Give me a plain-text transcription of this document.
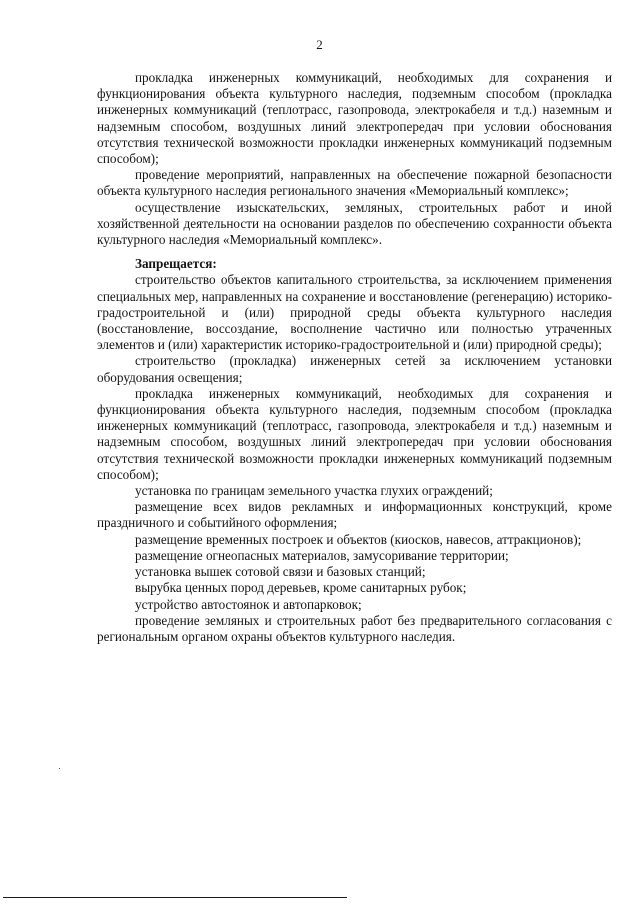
2

прокладка инженерных коммуникаций, необходимых для сохранения и функционирования объекта культурного наследия, подземным способом (прокладка инженерных коммуникаций (теплотрасс, газопровода, электрокабеля и т.д.) наземным и надземным способом, воздушных линий электропередач при условии обоснования отсутствия технической возможности прокладки инженерных коммуникаций подземным способом);

проведение мероприятий, направленных на обеспечение пожарной безопасности объекта культурного наследия регионального значения «Мемориальный комплекс»;

осуществление изыскательских, земляных, строительных работ и иной хозяйственной деятельности на основании разделов по обеспечению сохранности объекта культурного наследия «Мемориальный комплекс».

Запрещается:

строительство объектов капитального строительства, за исключением применения специальных мер, направленных на сохранение и восстановление (регенерацию) историко-градостроительной и (или) природной среды объекта культурного наследия (восстановление, воссоздание, восполнение частично или полностью утраченных элементов и (или) характеристик историко-градостроительной и (или) природной среды);

строительство (прокладка) инженерных сетей за исключением установки оборудования освещения;

прокладка инженерных коммуникаций, необходимых для сохранения и функционирования объекта культурного наследия, подземным способом (прокладка инженерных коммуникаций (теплотрасс, газопровода, электрокабеля и т.д.) наземным и надземным способом, воздушных линий электропередач при условии обоснования отсутствия технической возможности прокладки инженерных коммуникаций подземным способом);

установка по границам земельного участка глухих ограждений;

размещение всех видов рекламных и информационных конструкций, кроме праздничного и событийного оформления;

размещение временных построек и объектов (киосков, навесов, аттракционов);

размещение огнеопасных материалов, замусоривание территории;

установка вышек сотовой связи и базовых станций;

вырубка ценных пород деревьев, кроме санитарных рубок;

устройство автостоянок и автопарковок;

проведение земляных и строительных работ без предварительного согласования с региональным органом охраны объектов культурного наследия.
